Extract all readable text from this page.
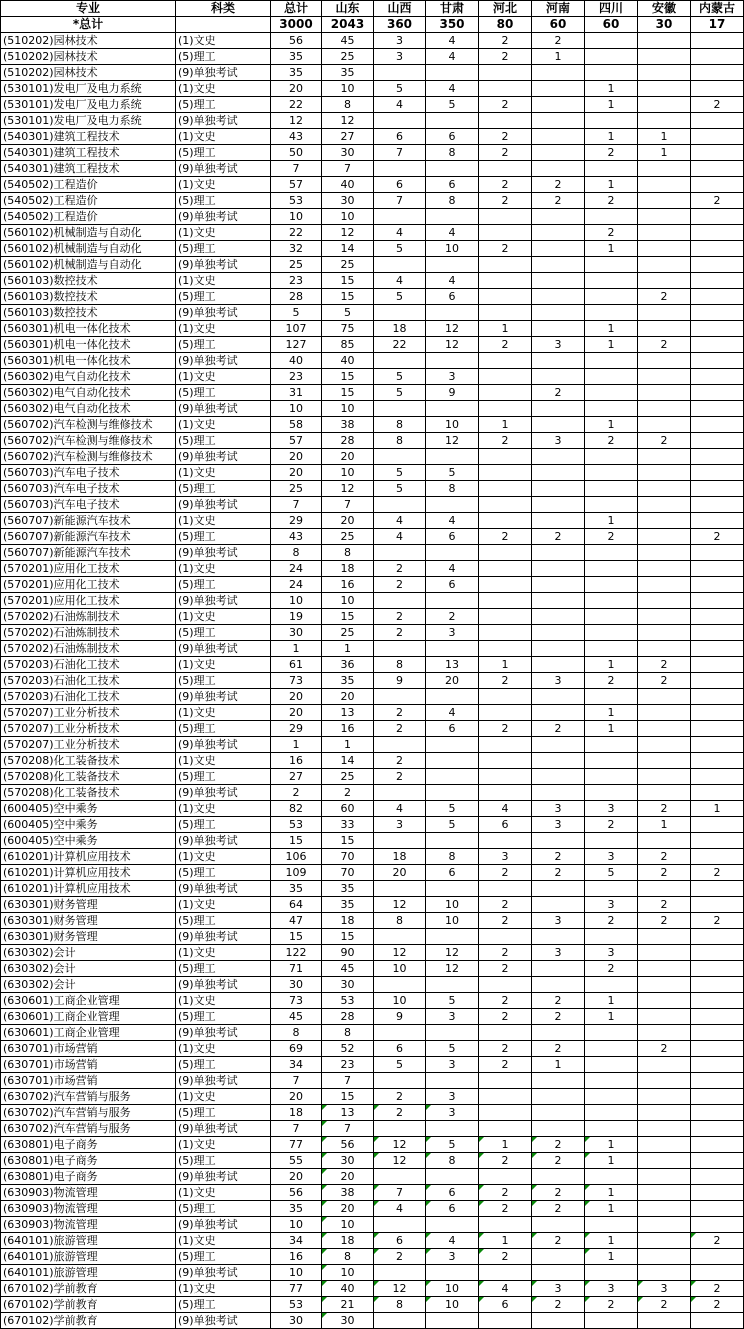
专业	科类	总计	山东	山西	甘肃	河北	河南	四川	安徽	内蒙古
*总计		3000	2043	360	350	80	60	60	30	17
(510202)园林技术	(1)文史	56	45	3	4	2	2			
(510202)园林技术	(5)理工	35	25	3	4	2	1			
(510202)园林技术	(9)单独考试	35	35							
(530101)发电厂及电力系统	(1)文史	20	10	5	4			1		
(530101)发电厂及电力系统	(5)理工	22	8	4	5	2		1		2
(530101)发电厂及电力系统	(9)单独考试	12	12							
(540301)建筑工程技术	(1)文史	43	27	6	6	2		1	1	
(540301)建筑工程技术	(5)理工	50	30	7	8	2		2	1	
(540301)建筑工程技术	(9)单独考试	7	7							
(540502)工程造价	(1)文史	57	40	6	6	2	2	1		
(540502)工程造价	(5)理工	53	30	7	8	2	2	2		2
(540502)工程造价	(9)单独考试	10	10							
(560102)机械制造与自动化	(1)文史	22	12	4	4			2		
(560102)机械制造与自动化	(5)理工	32	14	5	10	2		1		
(560102)机械制造与自动化	(9)单独考试	25	25							
(560103)数控技术	(1)文史	23	15	4	4					
(560103)数控技术	(5)理工	28	15	5	6				2	
(560103)数控技术	(9)单独考试	5	5							
(560301)机电一体化技术	(1)文史	107	75	18	12	1		1		
(560301)机电一体化技术	(5)理工	127	85	22	12	2	3	1	2	
(560301)机电一体化技术	(9)单独考试	40	40							
(560302)电气自动化技术	(1)文史	23	15	5	3					
(560302)电气自动化技术	(5)理工	31	15	5	9		2			
(560302)电气自动化技术	(9)单独考试	10	10							
(560702)汽车检测与维修技术	(1)文史	58	38	8	10	1		1		
(560702)汽车检测与维修技术	(5)理工	57	28	8	12	2	3	2	2	
(560702)汽车检测与维修技术	(9)单独考试	20	20							
(560703)汽车电子技术	(1)文史	20	10	5	5					
(560703)汽车电子技术	(5)理工	25	12	5	8					
(560703)汽车电子技术	(9)单独考试	7	7							
(560707)新能源汽车技术	(1)文史	29	20	4	4			1		
(560707)新能源汽车技术	(5)理工	43	25	4	6	2	2	2		2
(560707)新能源汽车技术	(9)单独考试	8	8							
(570201)应用化工技术	(1)文史	24	18	2	4					
(570201)应用化工技术	(5)理工	24	16	2	6					
(570201)应用化工技术	(9)单独考试	10	10							
(570202)石油炼制技术	(1)文史	19	15	2	2					
(570202)石油炼制技术	(5)理工	30	25	2	3					
(570202)石油炼制技术	(9)单独考试	1	1							
(570203)石油化工技术	(1)文史	61	36	8	13	1		1	2	
(570203)石油化工技术	(5)理工	73	35	9	20	2	3	2	2	
(570203)石油化工技术	(9)单独考试	20	20							
(570207)工业分析技术	(1)文史	20	13	2	4			1		
(570207)工业分析技术	(5)理工	29	16	2	6	2	2	1		
(570207)工业分析技术	(9)单独考试	1	1							
(570208)化工装备技术	(1)文史	16	14	2						
(570208)化工装备技术	(5)理工	27	25	2						
(570208)化工装备技术	(9)单独考试	2	2							
(600405)空中乘务	(1)文史	82	60	4	5	4	3	3	2	1
(600405)空中乘务	(5)理工	53	33	3	5	6	3	2	1	
(600405)空中乘务	(9)单独考试	15	15							
(610201)计算机应用技术	(1)文史	106	70	18	8	3	2	3	2	
(610201)计算机应用技术	(5)理工	109	70	20	6	2	2	5	2	2
(610201)计算机应用技术	(9)单独考试	35	35							
(630301)财务管理	(1)文史	64	35	12	10	2		3	2	
(630301)财务管理	(5)理工	47	18	8	10	2	3	2	2	2
(630301)财务管理	(9)单独考试	15	15							
(630302)会计	(1)文史	122	90	12	12	2	3	3		
(630302)会计	(5)理工	71	45	10	12	2		2		
(630302)会计	(9)单独考试	30	30							
(630601)工商企业管理	(1)文史	73	53	10	5	2	2	1		
(630601)工商企业管理	(5)理工	45	28	9	3	2	2	1		
(630601)工商企业管理	(9)单独考试	8	8							
(630701)市场营销	(1)文史	69	52	6	5	2	2		2	
(630701)市场营销	(5)理工	34	23	5	3	2	1			
(630701)市场营销	(9)单独考试	7	7							
(630702)汽车营销与服务	(1)文史	20	15	2	3					
(630702)汽车营销与服务	(5)理工	18	13	2	3					
(630702)汽车营销与服务	(9)单独考试	7	7							
(630801)电子商务	(1)文史	77	56	12	5	1	2	1		
(630801)电子商务	(5)理工	55	30	12	8	2	2	1		
(630801)电子商务	(9)单独考试	20	20							
(630903)物流管理	(1)文史	56	38	7	6	2	2	1		
(630903)物流管理	(5)理工	35	20	4	6	2	2	1		
(630903)物流管理	(9)单独考试	10	10							
(640101)旅游管理	(1)文史	34	18	6	4	1	2	1		2
(640101)旅游管理	(5)理工	16	8	2	3	2		1		
(640101)旅游管理	(9)单独考试	10	10							
(670102)学前教育	(1)文史	77	40	12	10	4	3	3	3	2
(670102)学前教育	(5)理工	53	21	8	10	6	2	2	2	2
(670102)学前教育	(9)单独考试	30	30							
